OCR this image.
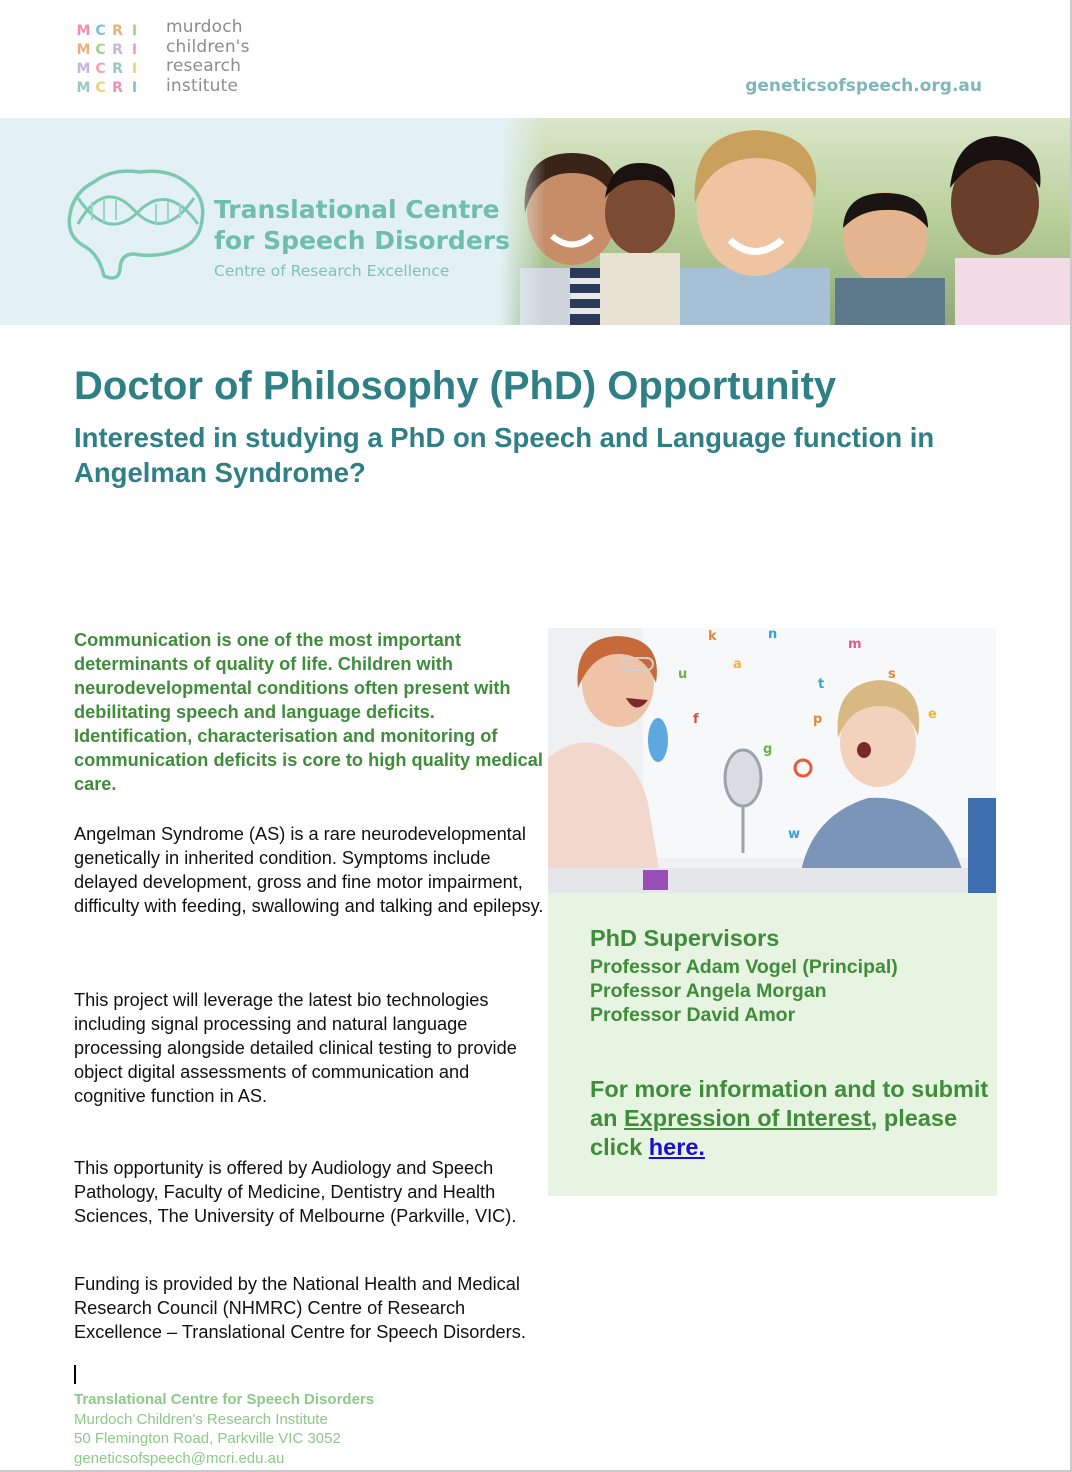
M C R I
M C R I
M C R I
M C R I
murdoch
children's
research
institute	geneticsofspeech.org.au
Translational Centre
for Speech Disorders
Centre of Research Excellence
Doctor of Philosophy (PhD) Opportunity
Interested in studying a PhD on Speech and Language function in Angelman Syndrome?

Communication is one of the most important determinants of quality of life. Children with neurodevelopmental conditions often present with debilitating speech and language deficits. Identification, characterisation and monitoring of communication deficits is core to high quality medical care.

Angelman Syndrome (AS) is a rare neurodevelopmental genetically in inherited condition. Symptoms include delayed development, gross and fine motor impairment, difficulty with feeding, swallowing and talking and epilepsy.

This project will leverage the latest bio technologies including signal processing and natural language processing alongside detailed clinical testing to provide object digital assessments of communication and cognitive function in AS.

This opportunity is offered by Audiology and Speech Pathology, Faculty of Medicine, Dentistry and Health Sciences, The University of Melbourne (Parkville, VIC).

Funding is provided by the National Health and Medical Research Council (NHMRC) Centre of Research Excellence – Translational Centre for Speech Disorders.

k	n
m
u
a
t
s
f	p
g
w
e
PhD Supervisors
Professor Adam Vogel (Principal)
Professor Angela Morgan
Professor David Amor

For more information and to submit an Expression of Interest, please click here.

Translational Centre for Speech Disorders
Murdoch Children's Research Institute
50 Flemington Road, Parkville VIC 3052
geneticsofspeech@mcri.edu.au
